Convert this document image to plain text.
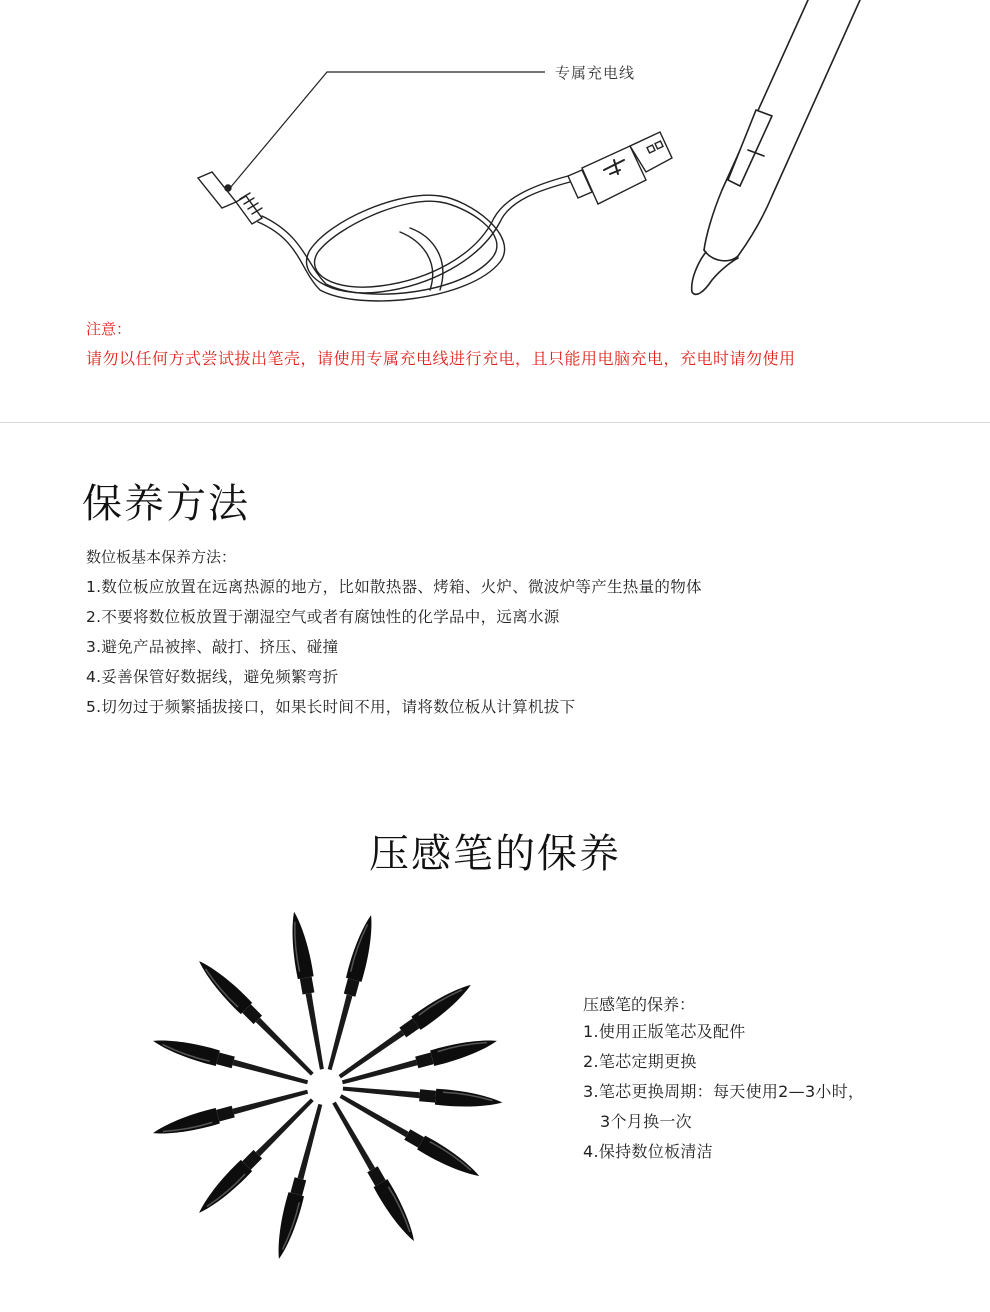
专属充电线
注意：
请勿以任何方式尝试拔出笔壳，请使用专属充电线进行充电，且只能用电脑充电，充电时请勿使用
保养方法
数位板基本保养方法：
1.数位板应放置在远离热源的地方，比如散热器、烤箱、火炉、微波炉等产生热量的物体
2.不要将数位板放置于潮湿空气或者有腐蚀性的化学品中，远离水源
3.避免产品被摔、敲打、挤压、碰撞
4.妥善保管好数据线，避免频繁弯折
5.切勿过于频繁插拔接口，如果长时间不用，请将数位板从计算机拔下
压感笔的保养
压感笔的保养：
1.使用正版笔芯及配件
2.笔芯定期更换
3.笔芯更换周期：每天使用2—3小时，
3个月换一次
4.保持数位板清洁
